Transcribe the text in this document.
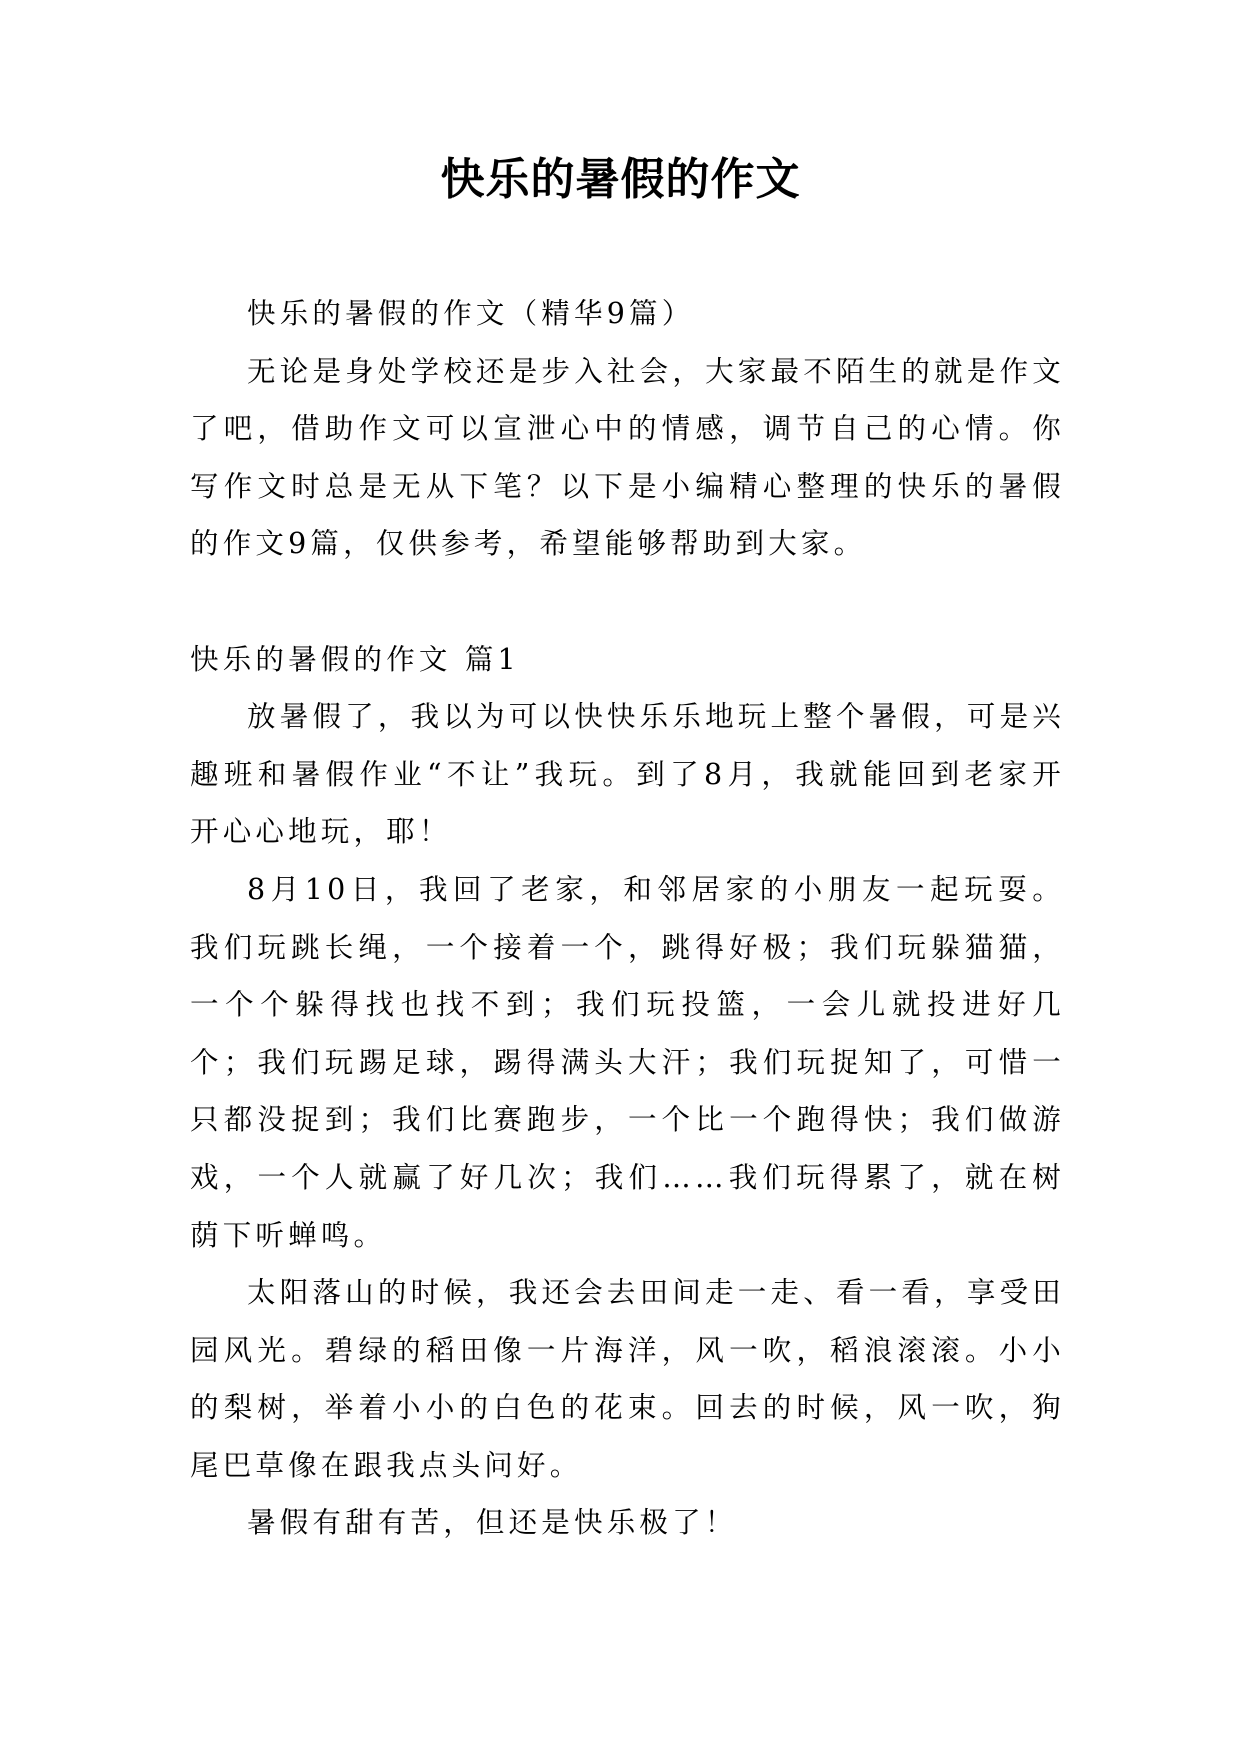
快乐的暑假的作文

快乐的暑假的作文（精华9篇）

无论是身处学校还是步入社会，大家最不陌生的就是作文了吧，借助作文可以宣泄心中的情感，调节自己的心情。你写作文时总是无从下笔？以下是小编精心整理的快乐的暑假的作文9篇，仅供参考，希望能够帮助到大家。

快乐的暑假的作文 篇1

放暑假了，我以为可以快快乐乐地玩上整个暑假，可是兴趣班和暑假作业“不让”我玩。到了8月，我就能回到老家开开心心地玩，耶！

8月10日，我回了老家，和邻居家的小朋友一起玩耍。我们玩跳长绳，一个接着一个，跳得好极；我们玩躲猫猫，一个个躲得找也找不到；我们玩投篮，一会儿就投进好几个；我们玩踢足球，踢得满头大汗；我们玩捉知了，可惜一只都没捉到；我们比赛跑步，一个比一个跑得快；我们做游戏，一个人就赢了好几次；我们……我们玩得累了，就在树荫下听蝉鸣。

太阳落山的时候，我还会去田间走一走、看一看，享受田园风光。碧绿的稻田像一片海洋，风一吹，稻浪滚滚。小小的梨树，举着小小的白色的花束。回去的时候，风一吹，狗尾巴草像在跟我点头问好。

暑假有甜有苦，但还是快乐极了！
